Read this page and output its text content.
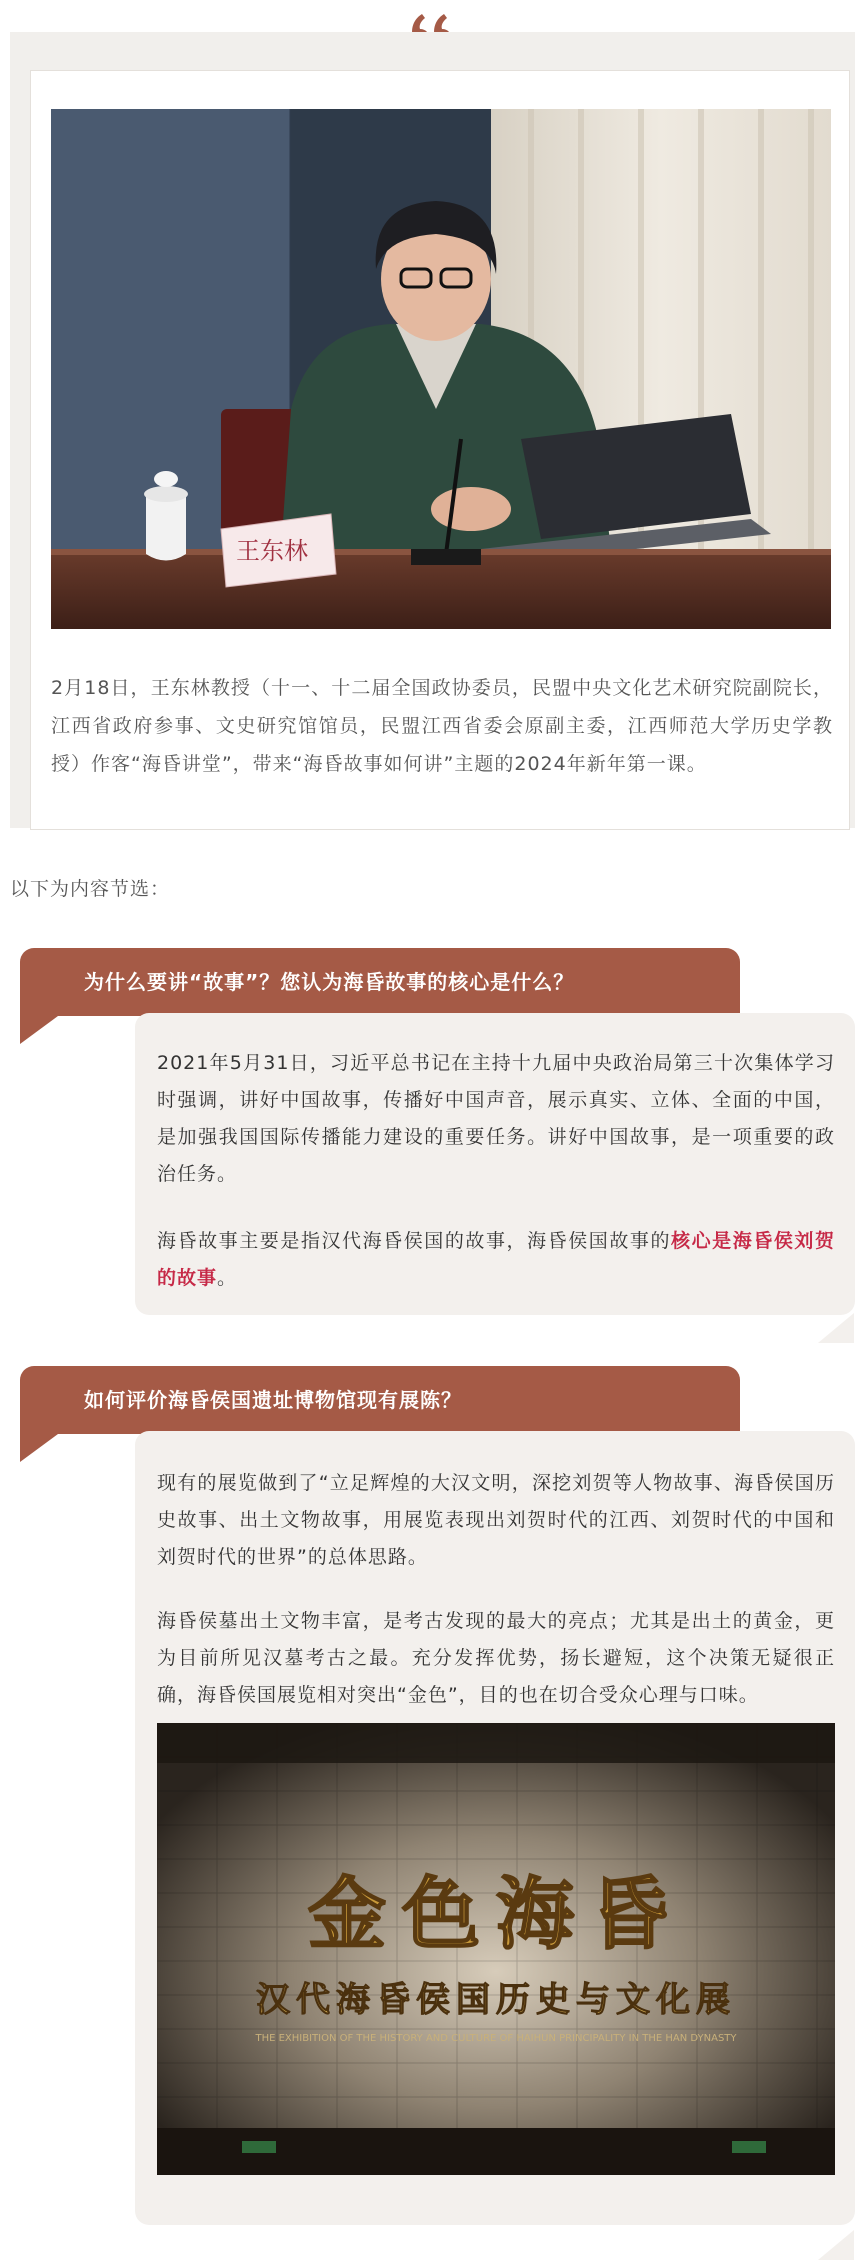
王东林
2月18日，王东林教授（十一、十二届全国政协委员，民盟中央文化艺术研究院副院长，江西省政府参事、文史研究馆馆员，民盟江西省委会原副主委，江西师范大学历史学教授）作客“海昏讲堂”，带来“海昏故事如何讲”主题的2024年新年第一课。
以下为内容节选：
为什么要讲“故事”？您认为海昏故事的核心是什么？
2021年5月31日，习近平总书记在主持十九届中央政治局第三十次集体学习时强调，讲好中国故事，传播好中国声音，展示真实、立体、全面的中国，是加强我国国际传播能力建设的重要任务。讲好中国故事，是一项重要的政治任务。
海昏故事主要是指汉代海昏侯国的故事，海昏侯国故事的核心是海昏侯刘贺的故事。
如何评价海昏侯国遗址博物馆现有展陈？
现有的展览做到了“立足辉煌的大汉文明，深挖刘贺等人物故事、海昏侯国历史故事、出土文物故事，用展览表现出刘贺时代的江西、刘贺时代的中国和刘贺时代的世界”的总体思路。
海昏侯墓出土文物丰富，是考古发现的最大的亮点；尤其是出土的黄金，更为目前所见汉墓考古之最。充分发挥优势，扬长避短，这个决策无疑很正确，海昏侯国展览相对突出“金色”，目的也在切合受众心理与口味。
金色海昏
汉代海昏侯国历史与文化展
THE EXHIBITION OF THE HISTORY AND CULTURE OF HAIHUN PRINCIPALITY IN THE HAN DYNASTY
